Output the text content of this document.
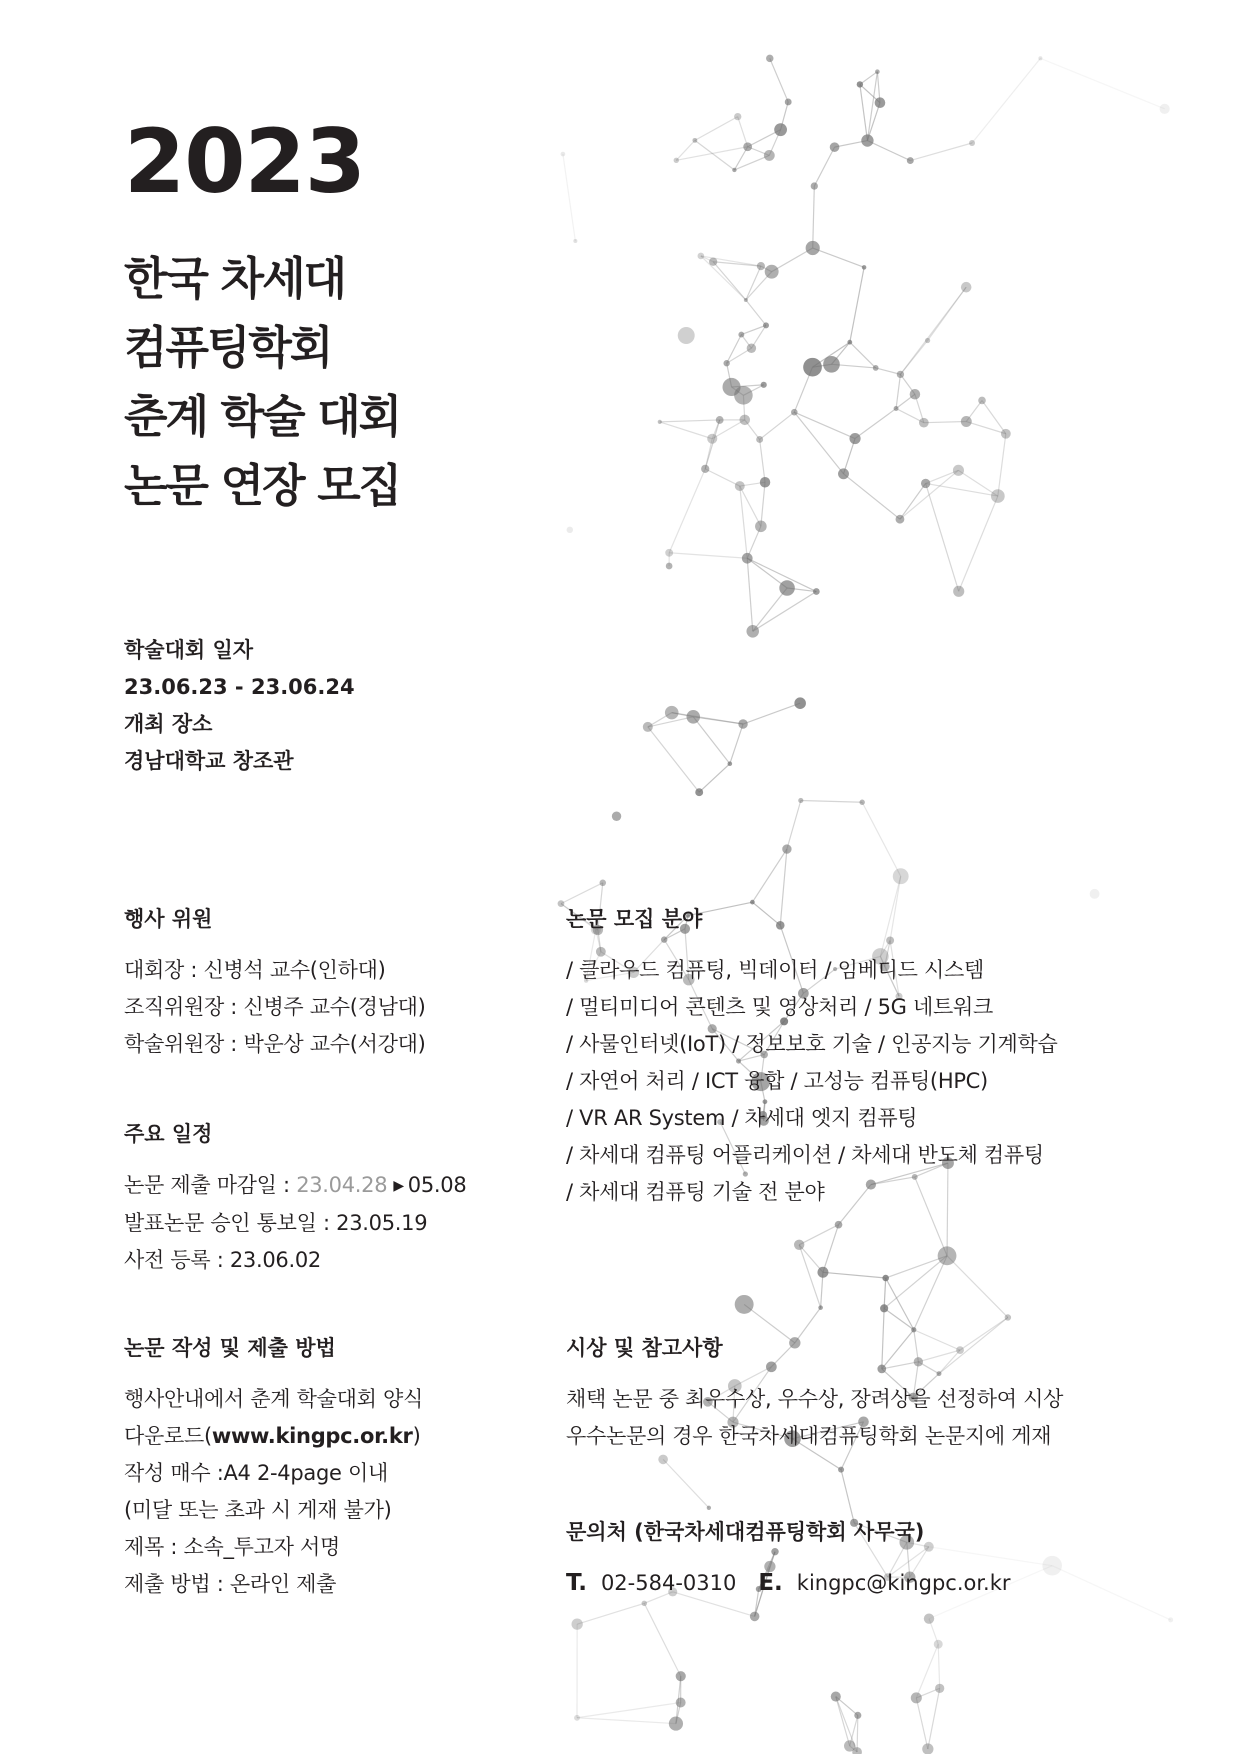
2023
한국 차세대
컴퓨팅학회
춘계 학술 대회
논문 연장 모집
학술대회 일자
23.06.23 - 23.06.24
개최 장소
경남대학교 창조관
행사 위원
대회장 : 신병석 교수(인하대)
조직위원장 : 신병주 교수(경남대)
학술위원장 : 박운상 교수(서강대)
주요 일정
논문 제출 마감일 : 23.04.28 ▶ 05.08
발표논문 승인 통보일 : 23.05.19
사전 등록 : 23.06.02
논문 작성 및 제출 방법
행사안내에서 춘계 학술대회 양식
다운로드(www.kingpc.or.kr)
작성 매수 :A4 2-4page 이내
(미달 또는 초과 시 게재 불가)
제목 : 소속_투고자 서명
제출 방법 : 온라인 제출
논문 모집 분야
/ 클라우드 컴퓨팅, 빅데이터 / 임베디드 시스템
/ 멀티미디어 콘텐츠 및 영상처리 / 5G 네트워크
/ 사물인터넷(IoT) / 정보보호 기술 / 인공지능 기계학습
/ 자연어 처리 / ICT 융합 / 고성능 컴퓨팅(HPC)
/ VR AR System / 차세대 엣지 컴퓨팅
/ 차세대 컴퓨팅 어플리케이션 / 차세대 반도체 컴퓨팅
/ 차세대 컴퓨팅 기술 전 분야
시상 및 참고사항
채택 논문 중 최우수상, 우수상, 장려상을 선정하여 시상
우수논문의 경우 한국차세대컴퓨팅학회 논문지에 게재
문의처 (한국차세대컴퓨팅학회 사무국)
T. 02-584-0310 E. kingpc@kingpc.or.kr
